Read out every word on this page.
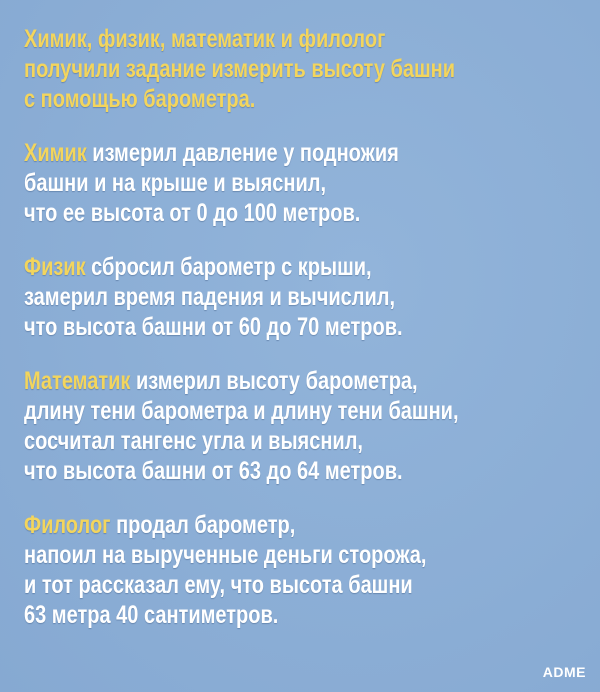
Химик, физик, математик и филолог
получили задание измерить высоту башни
с помощью барометра.
Химик измерил давление у подножия
башни и на крыше и выяснил,
что ее высота от 0 до 100 метров.
Физик сбросил барометр с крыши,
замерил время падения и вычислил,
что высота башни от 60 до 70 метров.
Математик измерил высоту барометра,
длину тени барометра и длину тени башни,
сосчитал тангенс угла и выяснил,
что высота башни от 63 до 64 метров.
Филолог продал барометр,
напоил на вырученные деньги сторожа,
и тот рассказал ему, что высота башни
63 метра 40 сантиметров.
ADME
